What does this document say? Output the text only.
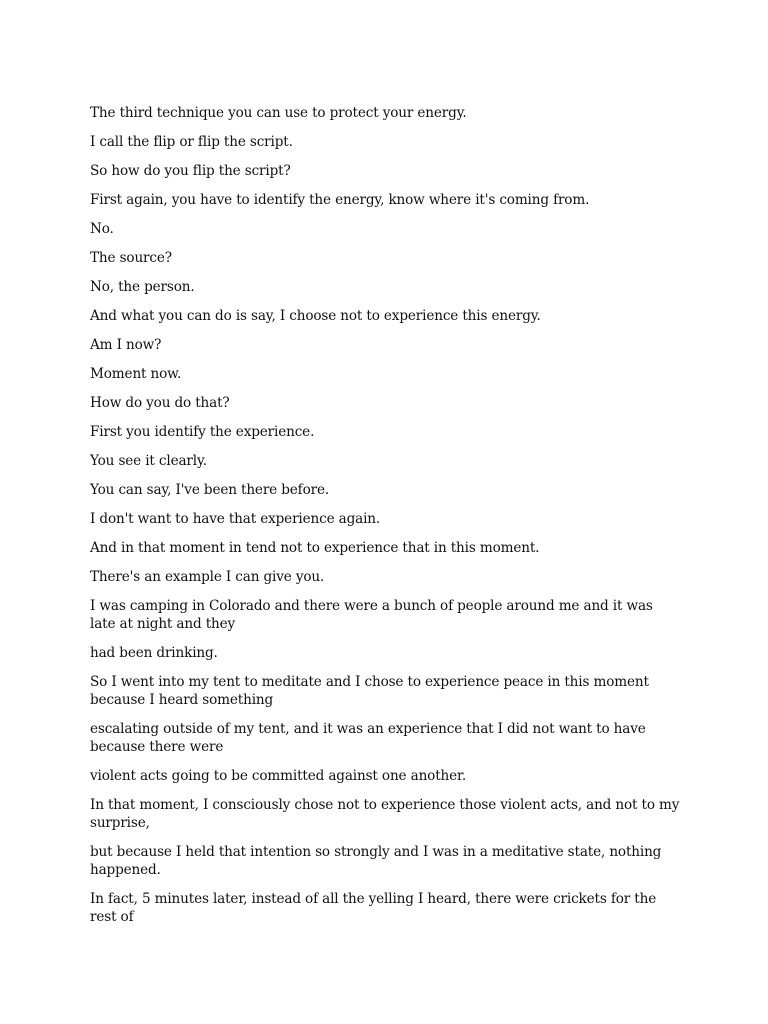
The third technique you can use to protect your energy.

I call the flip or flip the script.

So how do you flip the script?

First again, you have to identify the energy, know where it's coming from.

No.

The source?

No, the person.

And what you can do is say, I choose not to experience this energy.

Am I now?

Moment now.

How do you do that?

First you identify the experience.

You see it clearly.

You can say, I've been there before.

I don't want to have that experience again.

And in that moment in tend not to experience that in this moment.

There's an example I can give you.

I was camping in Colorado and there were a bunch of people around me and it was late at night and they

had been drinking.

So I went into my tent to meditate and I chose to experience peace in this moment because I heard something

escalating outside of my tent, and it was an experience that I did not want to have because there were

violent acts going to be committed against one another.

In that moment, I consciously chose not to experience those violent acts, and not to my surprise,

but because I held that intention so strongly and I was in a meditative state, nothing happened.

In fact, 5 minutes later, instead of all the yelling I heard, there were crickets for the rest of
